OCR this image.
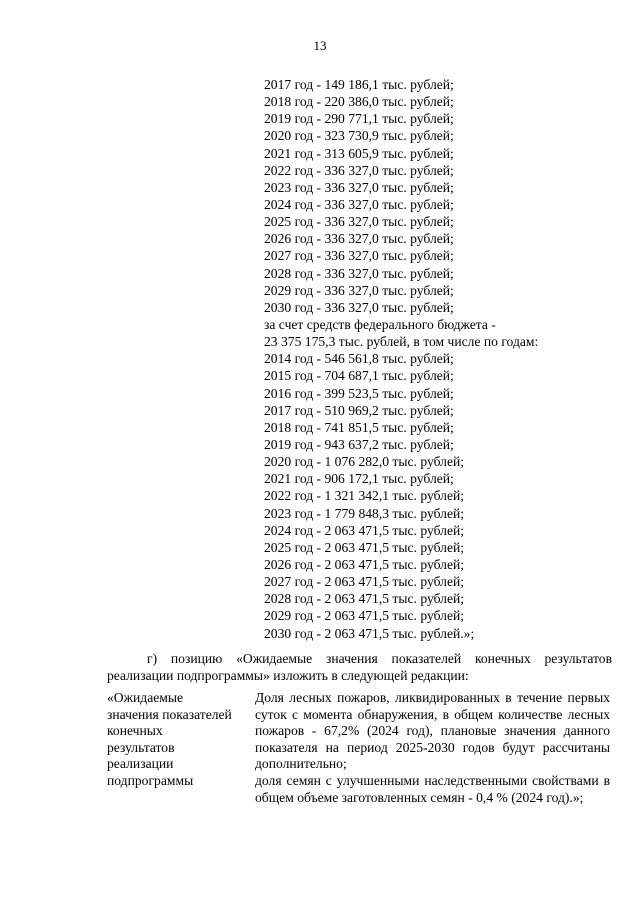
13
2017 год - 149 186,1 тыс. рублей;
2018 год - 220 386,0 тыс. рублей;
2019 год - 290 771,1 тыс. рублей;
2020 год - 323 730,9 тыс. рублей;
2021 год - 313 605,9 тыс. рублей;
2022 год - 336 327,0 тыс. рублей;
2023 год - 336 327,0 тыс. рублей;
2024 год - 336 327,0 тыс. рублей;
2025 год - 336 327,0 тыс. рублей;
2026 год - 336 327,0 тыс. рублей;
2027 год - 336 327,0 тыс. рублей;
2028 год - 336 327,0 тыс. рублей;
2029 год - 336 327,0 тыс. рублей;
2030 год - 336 327,0 тыс. рублей;
за счет средств федерального бюджета -
23 375 175,3 тыс. рублей, в том числе по годам:
2014 год - 546 561,8 тыс. рублей;
2015 год - 704 687,1 тыс. рублей;
2016 год - 399 523,5 тыс. рублей;
2017 год - 510 969,2 тыс. рублей;
2018 год - 741 851,5 тыс. рублей;
2019 год - 943 637,2 тыс. рублей;
2020 год - 1 076 282,0 тыс. рублей;
2021 год - 906 172,1 тыс. рублей;
2022 год - 1 321 342,1 тыс. рублей;
2023 год - 1 779 848,3 тыс. рублей;
2024 год - 2 063 471,5 тыс. рублей;
2025 год - 2 063 471,5 тыс. рублей;
2026 год - 2 063 471,5 тыс. рублей;
2027 год - 2 063 471,5 тыс. рублей;
2028 год - 2 063 471,5 тыс. рублей;
2029 год - 2 063 471,5 тыс. рублей;
2030 год - 2 063 471,5 тыс. рублей.»;
г) позицию «Ожидаемые значения показателей конечных результатов реализации подпрограммы» изложить в следующей редакции:
«Ожидаемые
значения показателей
конечных
результатов
реализации
подпрограммы

Доля лесных пожаров, ликвидированных в течение первых суток с момента обнаружения, в общем количестве лесных пожаров - 67,2% (2024 год), плановые значения данного показателя на период 2025-2030 годов будут рассчитаны дополнительно;

доля семян с улучшенными наследственными свойствами в общем объеме заготовленных семян - 0,4 % (2024 год).»;
